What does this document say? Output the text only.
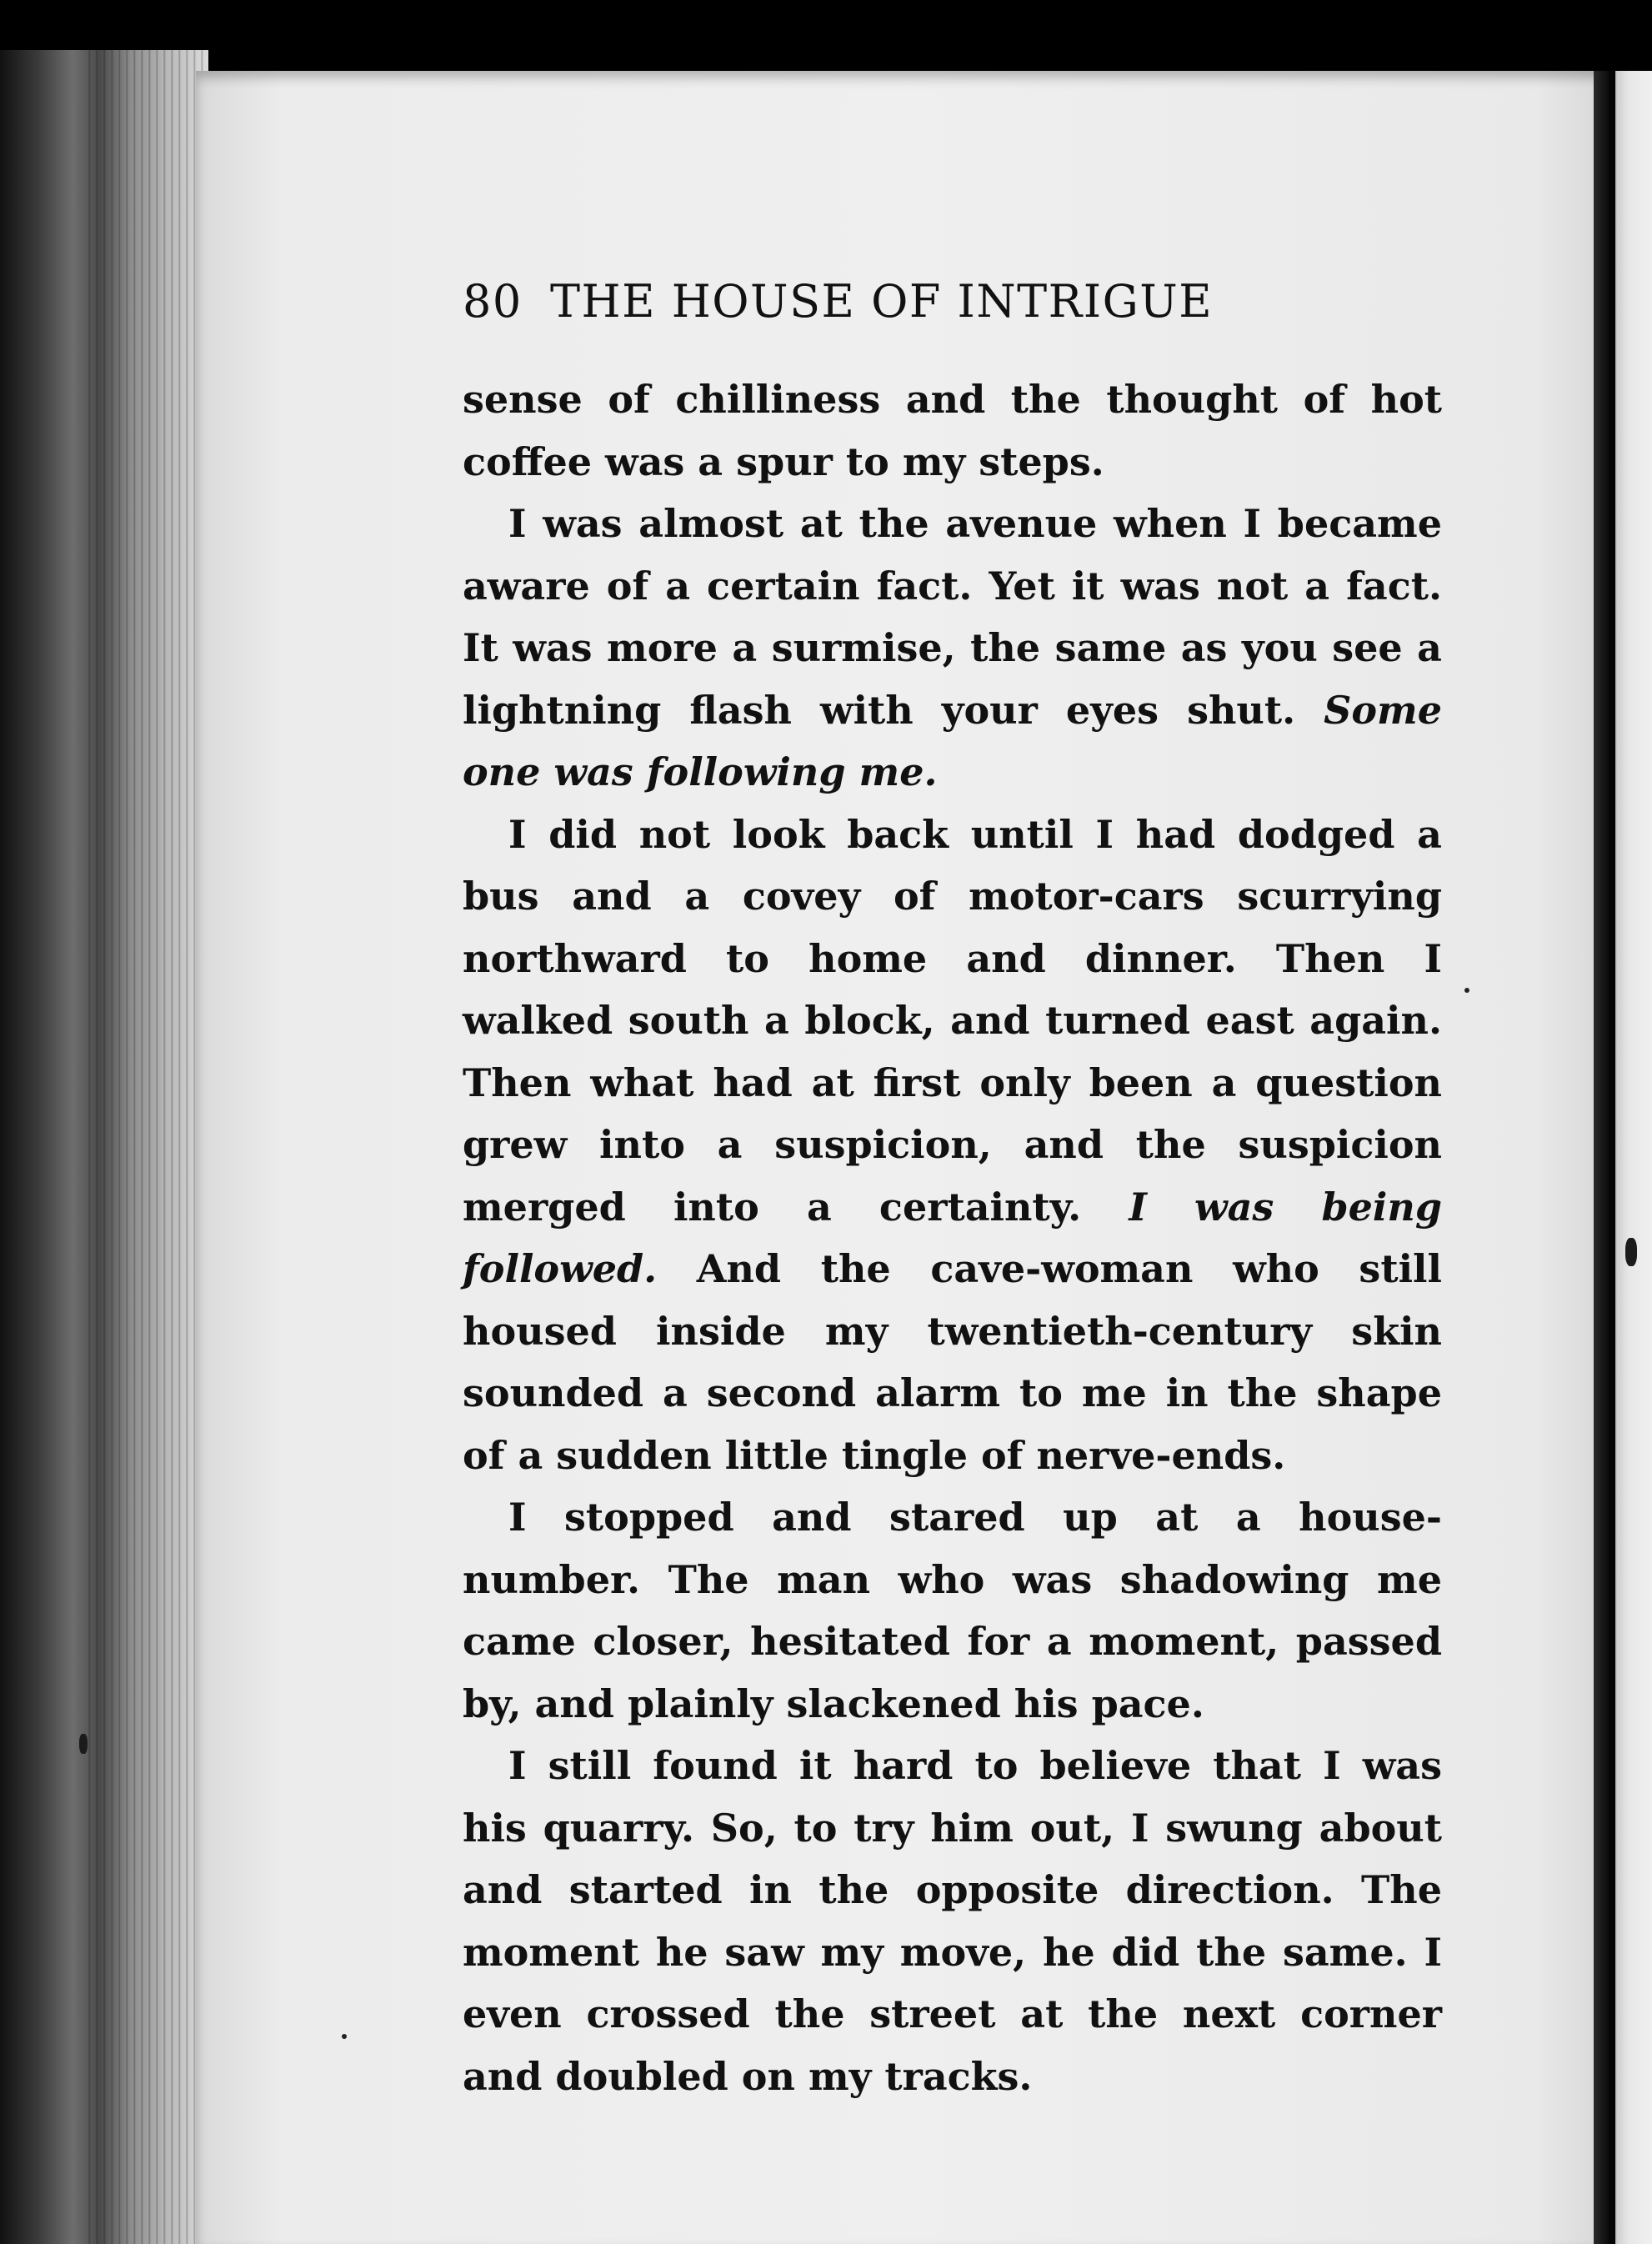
80 THE HOUSE OF INTRIGUE

sense of chilliness and the thought of hot coffee was a spur to my steps.

I was almost at the avenue when I became aware of a certain fact. Yet it was not a fact. It was more a surmise, the same as you see a lightning flash with your eyes shut. Some one was following me.

I did not look back until I had dodged a bus and a covey of motor-cars scurrying northward to home and dinner. Then I walked south a block, and turned east again. Then what had at first only been a question grew into a suspicion, and the suspicion merged into a certainty. I was being followed. And the cave-woman who still housed inside my twentieth-century skin sounded a second alarm to me in the shape of a sudden little tingle of nerve-ends.

I stopped and stared up at a house-number. The man who was shadowing me came closer, hesitated for a moment, passed by, and plainly slackened his pace.

I still found it hard to believe that I was his quarry. So, to try him out, I swung about and started in the opposite direction. The moment he saw my move, he did the same. I even crossed the street at the next corner and doubled on my tracks.
